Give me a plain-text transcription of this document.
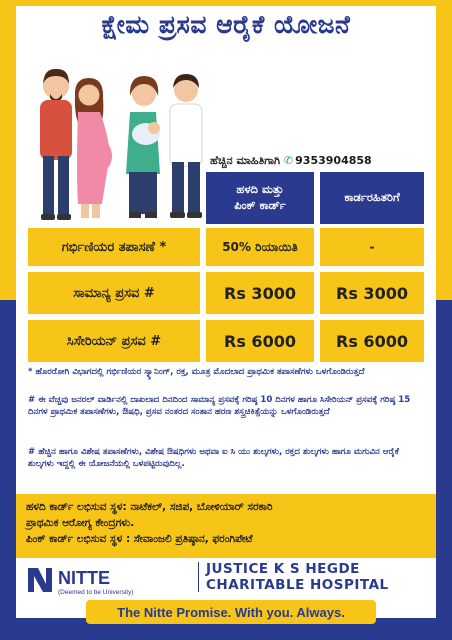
ಕ್ಷೇಮ ಪ್ರಸವ ಆರೈಕೆ ಯೋಜನೆ
ಹೆಚ್ಚಿನ ಮಾಹಿತಿಗಾಗಿ ✆ 9353904858
ಹಳದಿ ಮತ್ತು
ಪಿಂಕ್ ಕಾರ್ಡ್
ಕಾರ್ಡರಹಿತರಿಗೆ
ಗರ್ಭಿಣಿಯರ ತಪಾಸಣೆ *	50% ರಿಯಾಯಿತಿ	-
ಸಾಮಾನ್ಯ ಪ್ರಸವ #	Rs 3000	Rs 3000
ಸಿಸೇರಿಯನ್ ಪ್ರಸವ #	Rs 6000	Rs 6000
* ಹೊರರೋಗಿ ವಿಭಾಗದಲ್ಲಿ ಗರ್ಭಿಣಿಯರ ಸ್ಕ್ಯಾನಿಂಗ್, ರಕ್ತ, ಮೂತ್ರ ಮೊದಲಾದ ಪ್ರಾಥಮಿಕ ತಪಾಸಣೆಗಳು ಒಳಗೊಂಡಿರುತ್ತದೆ
# ಈ ವೆಚ್ಚವು ಜನರಲ್ ವಾರ್ಡಿನಲ್ಲಿ ದಾಖಲಾದ ದಿನದಿಂದ ಸಾಮಾನ್ಯ ಪ್ರಸವಕ್ಕೆ ಗರಿಷ್ಠ 10 ದಿನಗಳ ಹಾಗೂ ಸಿಸೇರಿಯನ್ ಪ್ರಸವಕ್ಕೆ ಗರಿಷ್ಠ 15 ದಿನಗಳ ಪ್ರಾಥಮಿಕ ತಪಾಸಣೆಗಳು, ಔಷಧಿ, ಪ್ರಸವ ನಂತರದ ಸಂತಾನ ಹರಣ ಶಸ್ತ್ರಚಿಕಿತ್ಸೆಯನ್ನು ಒಳಗೊಂಡಿರುತ್ತದೆ
# ಹೆಚ್ಚಿನ ಹಾಗೂ ವಿಶೇಷ ತಪಾಸಣೆಗಳು, ವಿಶೇಷ ಔಷಧಿಗಳು ಅಥವಾ ಐ ಸಿ ಯು ಶುಲ್ಕಗಳು, ರಕ್ತದ ಶುಲ್ಕಗಳು ಹಾಗೂ ಮಗುವಿನ ಆರೈಕೆ ಶುಲ್ಕಗಳು ಇದ್ದಲ್ಲಿ ಈ ಯೋಜನೆಯಲ್ಲಿ ಒಳಪಟ್ಟಿರುವುದಿಲ್ಲ.
ಹಳದಿ ಕಾರ್ಡ್ ಲಭಿಸುವ ಸ್ಥಳ: ನಾಟೆಕಲ್, ಸಜಿಪ, ಬೋಳಿಯಾರ್ ಸರಕಾರಿ
ಪ್ರಾಥಮಿಕ ಆರೋಗ್ಯ ಕೇಂದ್ರಗಳು.
ಪಿಂಕ್ ಕಾರ್ಡ್ ಲಭಿಸುವ ಸ್ಥಳ : ಸೇವಾಂಜಲಿ ಪ್ರತಿಷ್ಠಾನ, ಫರಂಗಿಪೇಟೆ
NITTE
(Deemed to be University)
JUSTICE K S HEGDE
CHARITABLE HOSPITAL
The Nitte Promise. With you. Always.
